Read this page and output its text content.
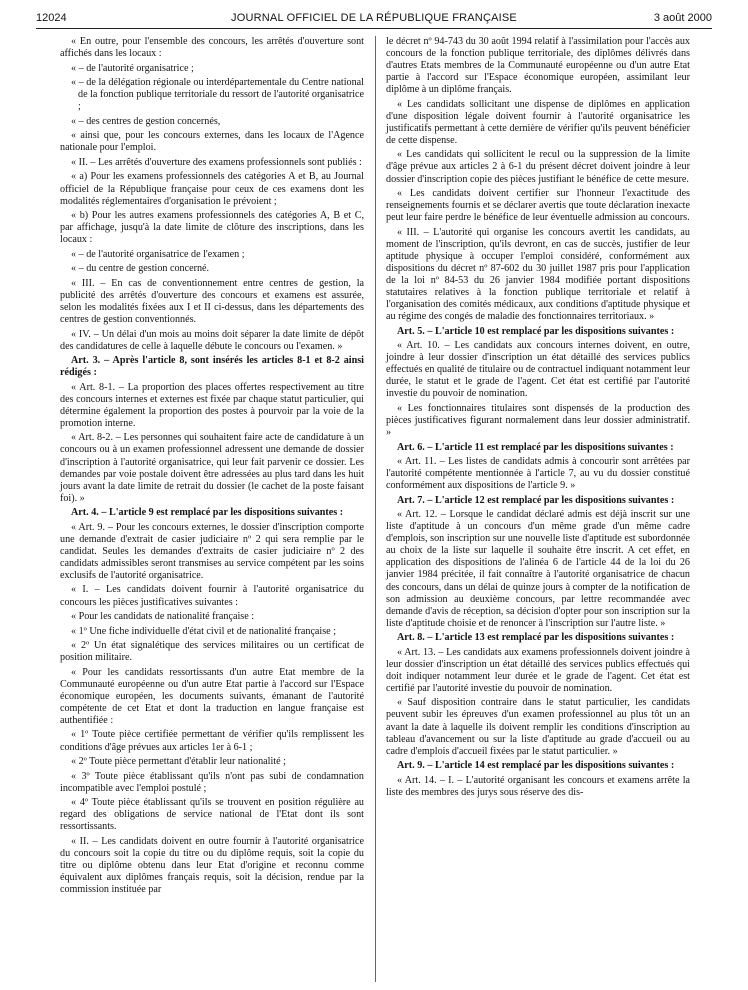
12024	JOURNAL OFFICIEL DE LA RÉPUBLIQUE FRANÇAISE	3 août 2000

« En outre, pour l'ensemble des concours, les arrêtés d'ouverture sont affichés dans les locaux :

« – de l'autorité organisatrice ;

« – de la délégation régionale ou interdépartementale du Centre national de la fonction publique territoriale du ressort de l'autorité organisatrice ;

« – des centres de gestion concernés,

« ainsi que, pour les concours externes, dans les locaux de l'Agence nationale pour l'emploi.

« II. – Les arrêtés d'ouverture des examens professionnels sont publiés :

« a) Pour les examens professionnels des catégories A et B, au Journal officiel de la République française pour ceux de ces examens dont les modalités réglementaires d'organisation le prévoient ;

« b) Pour les autres examens professionnels des catégories A, B et C, par affichage, jusqu'à la date limite de clôture des inscriptions, dans les locaux :

« – de l'autorité organisatrice de l'examen ;

« – du centre de gestion concerné.

« III. – En cas de conventionnement entre centres de gestion, la publicité des arrêtés d'ouverture des concours et examens est assurée, selon les modalités fixées aux I et II ci-dessus, dans les départements des centres de gestion conventionnés.

« IV. – Un délai d'un mois au moins doit séparer la date limite de dépôt des candidatures de celle à laquelle débute le concours ou l'examen. »

Art. 3. – Après l'article 8, sont insérés les articles 8-1 et 8-2 ainsi rédigés :

« Art. 8-1. – La proportion des places offertes respectivement au titre des concours internes et externes est fixée par chaque statut particulier, qui détermine également la proportion des postes à pourvoir par la voie de la promotion interne.

« Art. 8-2. – Les personnes qui souhaitent faire acte de candidature à un concours ou à un examen professionnel adressent une demande de dossier d'inscription à l'autorité organisatrice, qui leur fait parvenir ce dossier. Les demandes par voie postale doivent être adressées au plus tard dans les huit jours avant la date limite de retrait du dossier (le cachet de la poste faisant foi). »

Art. 4. – L'article 9 est remplacé par les dispositions suivantes :

« Art. 9. – Pour les concours externes, le dossier d'inscription comporte une demande d'extrait de casier judiciaire nº 2 qui sera remplie par le candidat. Seules les demandes d'extraits de casier judiciaire nº 2 des candidats admissibles seront transmises au service compétent par les soins exclusifs de l'autorité organisatrice.

« I. – Les candidats doivent fournir à l'autorité organisatrice du concours les pièces justificatives suivantes :

« Pour les candidats de nationalité française :

« 1º Une fiche individuelle d'état civil et de nationalité française ;

« 2º Un état signalétique des services militaires ou un certificat de position militaire.

« Pour les candidats ressortissants d'un autre Etat membre de la Communauté européenne ou d'un autre Etat partie à l'accord sur l'Espace économique européen, les documents suivants, émanant de l'autorité compétente de cet Etat et dont la traduction en langue française est authentifiée :

« 1º Toute pièce certifiée permettant de vérifier qu'ils remplissent les conditions d'âge prévues aux articles 1er à 6-1 ;

« 2º Toute pièce permettant d'établir leur nationalité ;

« 3º Toute pièce établissant qu'ils n'ont pas subi de condamnation incompatible avec l'emploi postulé ;

« 4º Toute pièce établissant qu'ils se trouvent en position régulière au regard des obligations de service national de l'Etat dont ils sont ressortissants.

« II. – Les candidats doivent en outre fournir à l'autorité organisatrice du concours soit la copie du titre ou du diplôme requis, soit la copie du titre ou diplôme obtenu dans leur Etat d'origine et reconnu comme équivalent aux diplômes français requis, soit la décision, rendue par la commission instituée par

le décret nº 94-743 du 30 août 1994 relatif à l'assimilation pour l'accès aux concours de la fonction publique territoriale, des diplômes délivrés dans d'autres Etats membres de la Communauté européenne ou d'un autre Etat partie à l'accord sur l'Espace économique européen, assimilant leur diplôme à un diplôme français.

« Les candidats sollicitant une dispense de diplômes en application d'une disposition légale doivent fournir à l'autorité organisatrice les justificatifs permettant à cette dernière de vérifier qu'ils peuvent bénéficier de cette dispense.

« Les candidats qui sollicitent le recul ou la suppression de la limite d'âge prévue aux articles 2 à 6-1 du présent décret doivent joindre à leur dossier d'inscription copie des pièces justifiant le bénéfice de cette mesure.

« Les candidats doivent certifier sur l'honneur l'exactitude des renseignements fournis et se déclarer avertis que toute déclaration inexacte peut leur faire perdre le bénéfice de leur éventuelle admission au concours.

« III. – L'autorité qui organise les concours avertit les candidats, au moment de l'inscription, qu'ils devront, en cas de succès, justifier de leur aptitude physique à occuper l'emploi considéré, conformément aux dispositions du décret nº 87-602 du 30 juillet 1987 pris pour l'application de la loi nº 84-53 du 26 janvier 1984 modifiée portant dispositions statutaires relatives à la fonction publique territoriale et relatif à l'organisation des comités médicaux, aux conditions d'aptitude physique et au régime des congés de maladie des fonctionnaires territoriaux. »

Art. 5. – L'article 10 est remplacé par les dispositions suivantes :

« Art. 10. – Les candidats aux concours internes doivent, en outre, joindre à leur dossier d'inscription un état détaillé des services publics effectués en qualité de titulaire ou de contractuel indiquant notamment leur durée, le statut et le grade de l'agent. Cet état est certifié par l'autorité investie du pouvoir de nomination.

« Les fonctionnaires titulaires sont dispensés de la production des pièces justificatives figurant normalement dans leur dossier administratif. »

Art. 6. – L'article 11 est remplacé par les dispositions suivantes :

« Art. 11. – Les listes de candidats admis à concourir sont arrêtées par l'autorité compétente mentionnée à l'article 7, au vu du dossier constitué conformément aux dispositions de l'article 9. »

Art. 7. – L'article 12 est remplacé par les dispositions suivantes :

« Art. 12. – Lorsque le candidat déclaré admis est déjà inscrit sur une liste d'aptitude à un concours d'un même grade d'un même cadre d'emplois, son inscription sur une nouvelle liste d'aptitude est subordonnée au choix de la liste sur laquelle il souhaite être inscrit. A cet effet, en application des dispositions de l'alinéa 6 de l'article 44 de la loi du 26 janvier 1984 précitée, il fait connaître à l'autorité organisatrice de chacun des concours, dans un délai de quinze jours à compter de la notification de son admission au deuxième concours, par lettre recommandée avec demande d'avis de réception, sa décision d'opter pour son inscription sur la liste d'aptitude choisie et de renoncer à l'inscription sur l'autre liste. »

Art. 8. – L'article 13 est remplacé par les dispositions suivantes :

« Art. 13. – Les candidats aux examens professionnels doivent joindre à leur dossier d'inscription un état détaillé des services publics effectués qui doit indiquer notamment leur durée et le grade de l'agent. Cet état est certifié par l'autorité investie du pouvoir de nomination.

« Sauf disposition contraire dans le statut particulier, les candidats peuvent subir les épreuves d'un examen professionnel au plus tôt un an avant la date à laquelle ils doivent remplir les conditions d'inscription au tableau d'avancement ou sur la liste d'aptitude au grade d'accueil ou au cadre d'emplois d'accueil fixées par le statut particulier. »

Art. 9. – L'article 14 est remplacé par les dispositions suivantes :

« Art. 14. – I. – L'autorité organisant les concours et examens arrête la liste des membres des jurys sous réserve des dis-
